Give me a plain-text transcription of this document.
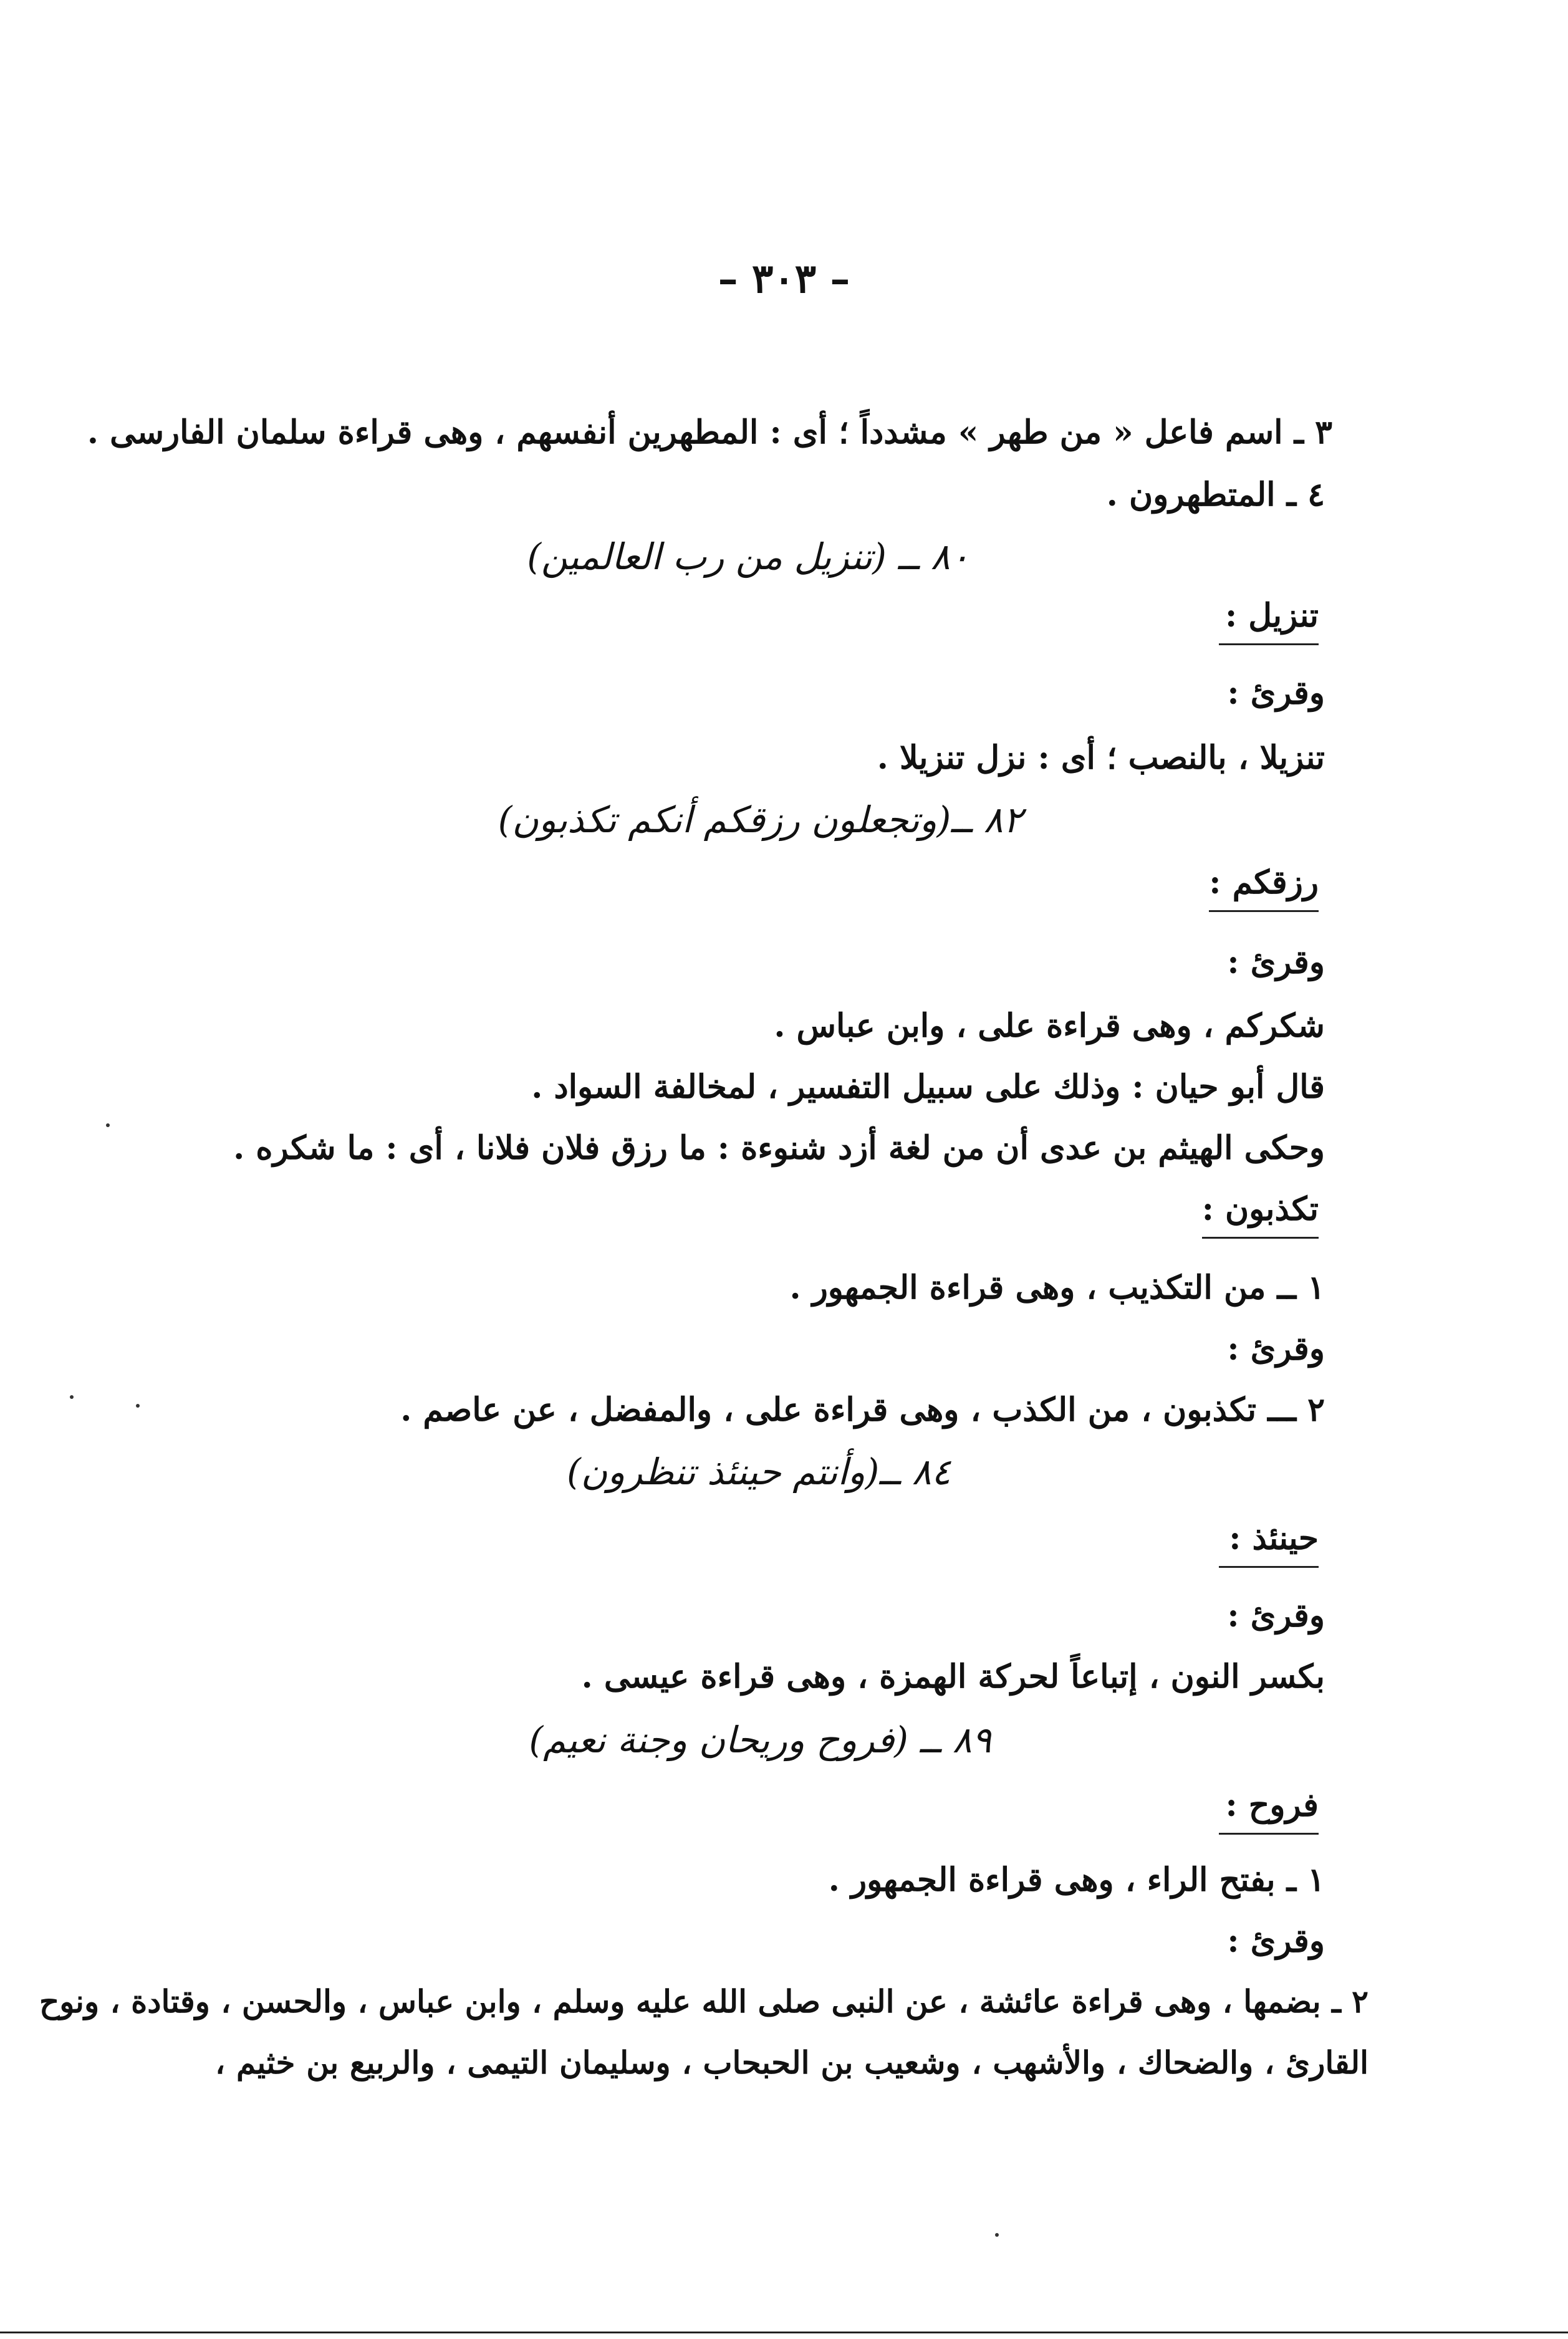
– ٣٠٣ –
٣ ـ اسم فاعل « من طهر » مشدداً ؛ أى : المطهرين أنفسهم ، وهى قراءة سلمان الفارسى .
٤ ـ المتطهرون .
٨٠ ــ (تنزيل من رب العالمين)
تنزيل :
وقرئ :
تنزيلا ، بالنصب ؛ أى : نزل تنزيلا .
٨٢ ــ(وتجعلون رزقكم أنكم تكذبون)
رزقكم :
وقرئ :
شكركم ، وهى قراءة على ، وابن عباس .
قال أبو حيان : وذلك على سبيل التفسير ، لمخالفة السواد .
وحكى الهيثم بن عدى أن من لغة أزد شنوءة : ما رزق فلان فلانا ، أى : ما شكره .
تكذبون :
١ ــ من التكذيب ، وهى قراءة الجمهور .
وقرئ :
٢ ـــ تكذبون ، من الكذب ، وهى قراءة على ، والمفضل ، عن عاصم .
٨٤ ــ(وأنتم حينئذ تنظرون)
حينئذ :
وقرئ :
بكسر النون ، إتباعاً لحركة الهمزة ، وهى قراءة عيسى .
٨٩ ــ (فروح وريحان وجنة نعيم)
فروح :
١ ـ بفتح الراء ، وهى قراءة الجمهور .
وقرئ :
٢ ـ بضمها ، وهى قراءة عائشة ، عن النبى صلى الله عليه وسلم ، وابن عباس ، والحسن ، وقتادة ، ونوح
القارئ ، والضحاك ، والأشهب ، وشعيب بن الحبحاب ، وسليمان التيمى ، والربيع بن خثيم ،
